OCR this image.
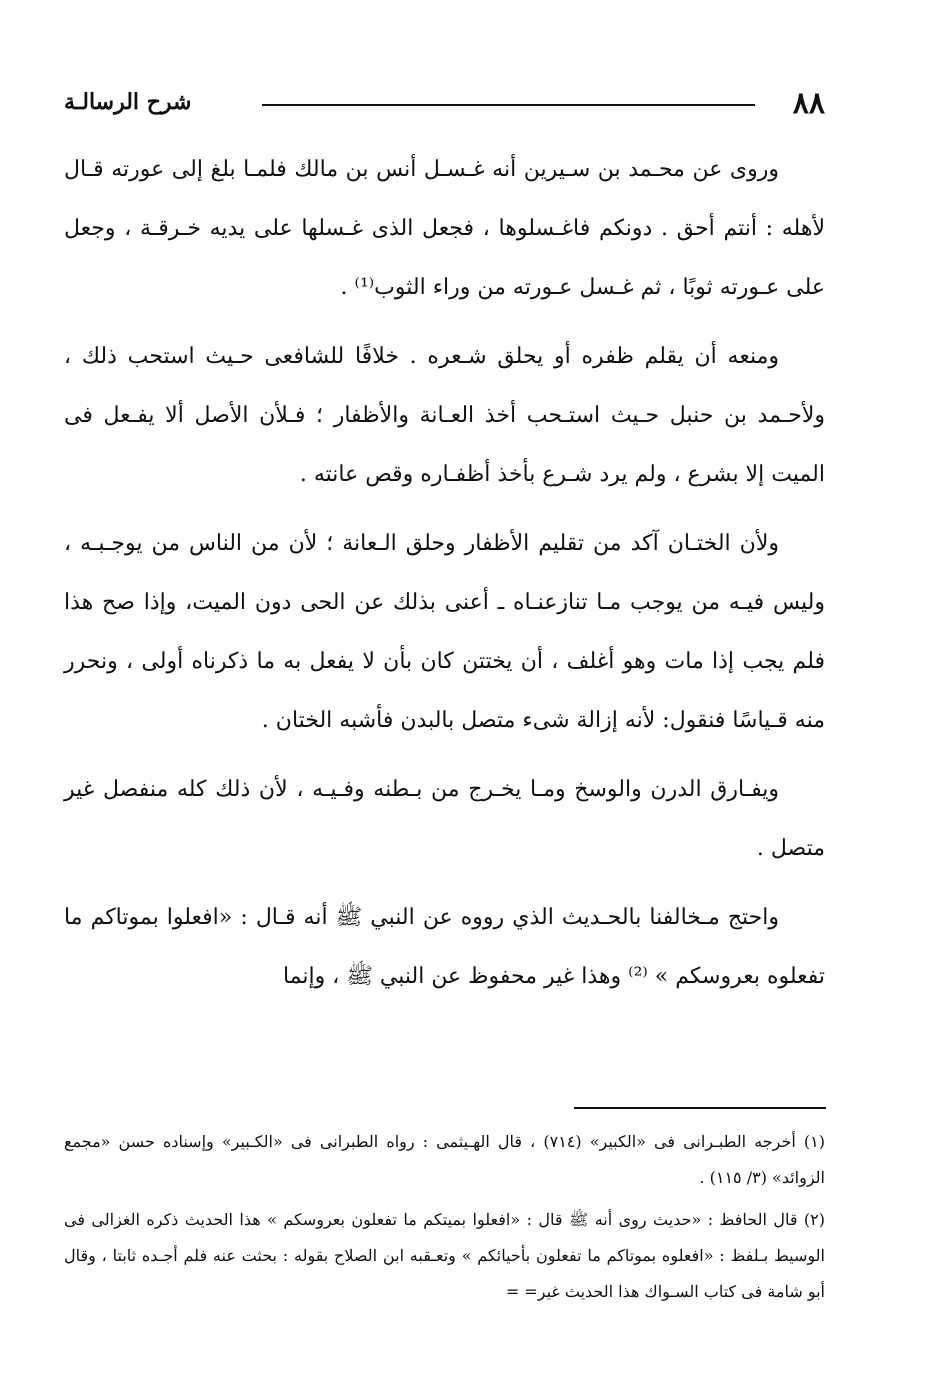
٨٨
شرح الرسالـة

وروى عن محـمد بن سـيرين أنه غـسـل أنس بن مالك فلمـا بلغ إلى عورته قـال لأهله : أنتم أحق . دونكم فاغـسلوها ، فجعل الذى غـسلها على يديه خـرقـة ، وجعل على عـورته ثوبًا ، ثم غـسل عـورته من وراء الثوب⁽¹⁾ .

ومنعه أن يقلم ظفره أو يحلق شـعره . خلافًا للشافعى حـيث استحب ذلك ، ولأحـمد بن حنبل حـيث استـحب أخذ العـانة والأظفار ؛ فـلأن الأصل ألا يفـعل فى الميت إلا بشرع ، ولم يرد شـرع بأخذ أظفـاره وقص عانته .

ولأن الختـان آكد من تقليم الأظفار وحلق الـعانة ؛ لأن من الناس من يوجـبـه ، وليس فيـه من يوجب مـا تنازعنـاه ـ أعنى بذلك عن الحى دون الميت، وإذا صح هذا فلم يجب إذا مات وهو أغلف ، أن يختتن كان بأن لا يفعل به ما ذكرناه أولى ، ونحرر منه قـياسًا فنقول: لأنه إزالة شىء متصل بالبدن فأشبه الختان .

ويفـارق الدرن والوسخ ومـا يخـرج من بـطنه وفـيـه ، لأن ذلك كله منفصل غير متصل .

واحتج مـخالفنا بالحـديث الذي رووه عن النبي ﷺ أنه قـال : «افعلوا بموتاكم ما تفعلوه بعروسكم » ⁽²⁾ وهذا غير محفوظ عن النبي ﷺ ، وإنما

(١) أخرجه الطبـرانى فى «الكبير» (٧١٤) ، قال الهـيثمى : رواه الطبرانى فى «الكـبير» وإسناده حسن «مجمع الزوائد» (٣/ ١١٥) .

(٢) قال الحافظ : «حديث روى أنه ﷺ قال : «افعلوا بميتكم ما تفعلون بعروسكم » هذا الحديث ذكره الغزالى فى الوسيط بـلفظ : «افعلوه بموتاكم ما تفعلون بأحيائكم » وتعـقبه ابن الصلاح بقوله : بحثت عنه فلم أجـده ثابتا ، وقال أبو شامة فى كتاب السـواك هذا الحديث غير= =
